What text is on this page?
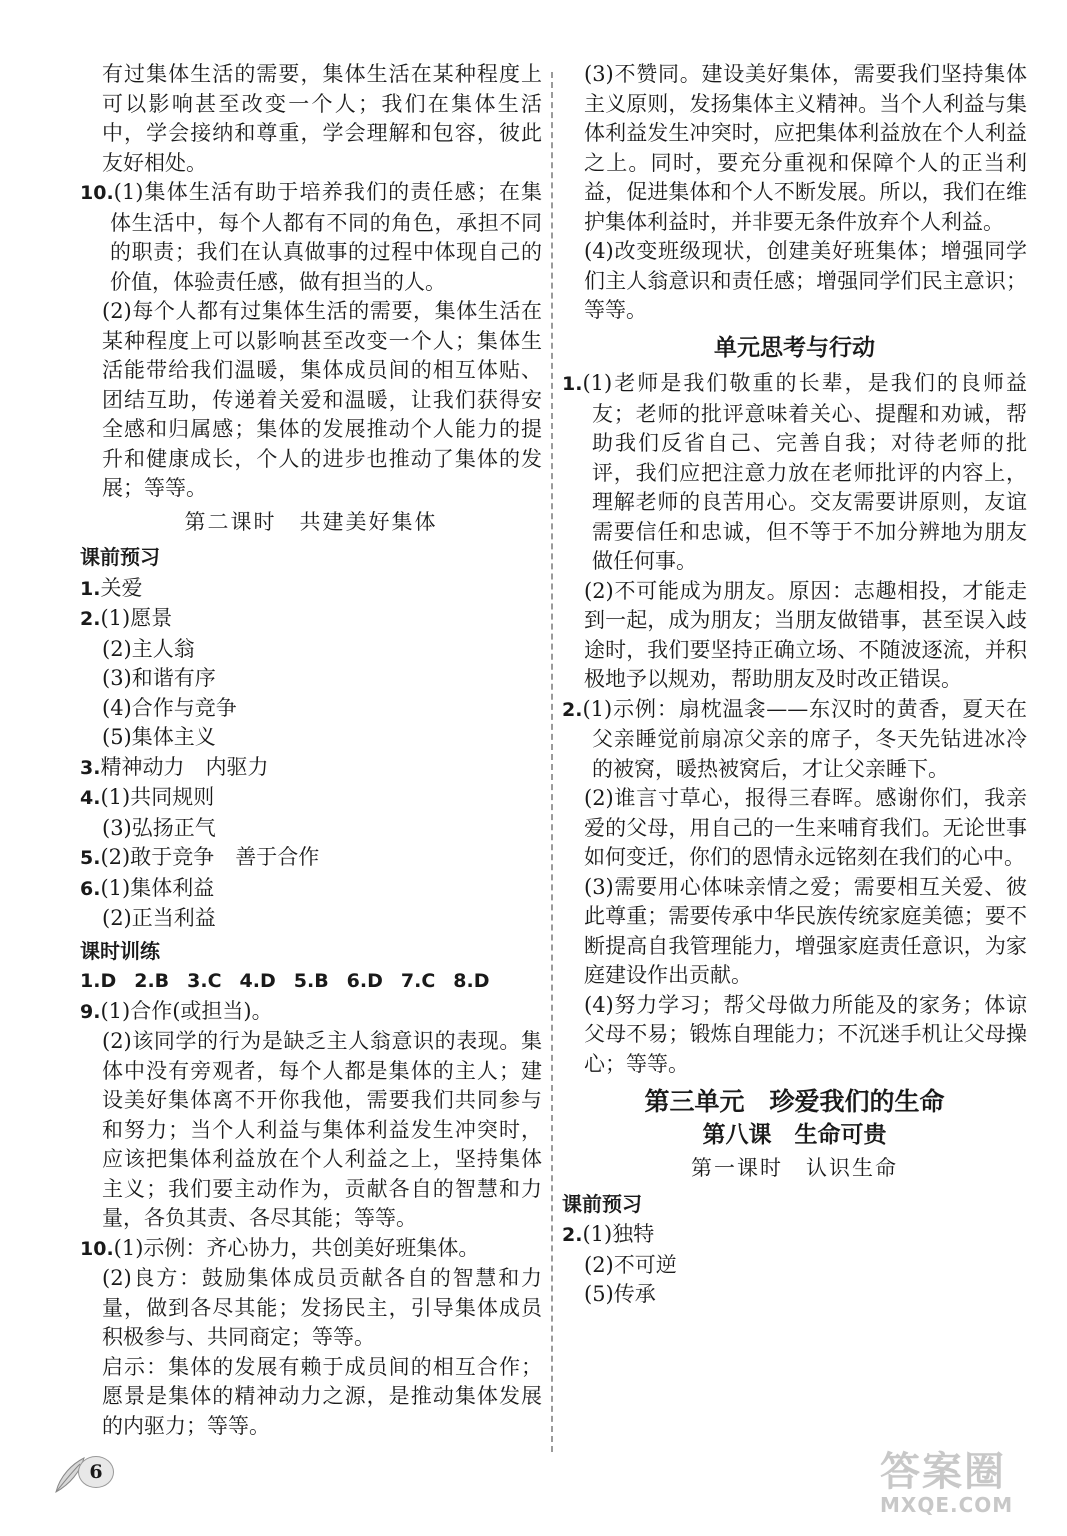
有过集体生活的需要，集体生活在某种程度上可以影响甚至改变一个人；我们在集体生活中，学会接纳和尊重，学会理解和包容，彼此友好相处。

10.(1)集体生活有助于培养我们的责任感；在集体生活中，每个人都有不同的角色，承担不同的职责；我们在认真做事的过程中体现自己的价值，体验责任感，做有担当的人。

(2)每个人都有过集体生活的需要，集体生活在某种程度上可以影响甚至改变一个人；集体生活能带给我们温暖，集体成员间的相互体贴、团结互助，传递着关爱和温暖，让我们获得安全感和归属感；集体的发展推动个人能力的提升和健康成长，个人的进步也推动了集体的发展；等等。

第二课时　共建美好集体
课前预习

1.关爱

2.(1)愿景

(2)主人翁

(3)和谐有序

(4)合作与竞争

(5)集体主义

3.精神动力　内驱力

4.(1)共同规则

(3)弘扬正气

5.(2)敢于竞争　善于合作

6.(1)集体利益

(2)正当利益

课时训练

1.D 2.B 3.C 4.D 5.B 6.D 7.C 8.D

9.(1)合作(或担当)。

(2)该同学的行为是缺乏主人翁意识的表现。集体中没有旁观者，每个人都是集体的主人；建设美好集体离不开你我他，需要我们共同参与和努力；当个人利益与集体利益发生冲突时，应该把集体利益放在个人利益之上，坚持集体主义；我们要主动作为，贡献各自的智慧和力量，各负其责、各尽其能；等等。

10.(1)示例：齐心协力，共创美好班集体。

(2)良方：鼓励集体成员贡献各自的智慧和力量，做到各尽其能；发扬民主，引导集体成员积极参与、共同商定；等等。

启示：集体的发展有赖于成员间的相互合作；愿景是集体的精神动力之源，是推动集体发展的内驱力；等等。

(3)不赞同。建设美好集体，需要我们坚持集体主义原则，发扬集体主义精神。当个人利益与集体利益发生冲突时，应把集体利益放在个人利益之上。同时，要充分重视和保障个人的正当利益，促进集体和个人不断发展。所以，我们在维护集体利益时，并非要无条件放弃个人利益。

(4)改变班级现状，创建美好班集体；增强同学们主人翁意识和责任感；增强同学们民主意识；等等。

单元思考与行动

1.(1)老师是我们敬重的长辈，是我们的良师益友；老师的批评意味着关心、提醒和劝诫，帮助我们反省自己、完善自我；对待老师的批评，我们应把注意力放在老师批评的内容上，理解老师的良苦用心。交友需要讲原则，友谊需要信任和忠诚，但不等于不加分辨地为朋友做任何事。

(2)不可能成为朋友。原因：志趣相投，才能走到一起，成为朋友；当朋友做错事，甚至误入歧途时，我们要坚持正确立场、不随波逐流，并积极地予以规劝，帮助朋友及时改正错误。

2.(1)示例：扇枕温衾——东汉时的黄香，夏天在父亲睡觉前扇凉父亲的席子，冬天先钻进冰冷的被窝，暖热被窝后，才让父亲睡下。

(2)谁言寸草心，报得三春晖。感谢你们，我亲爱的父母，用自己的一生来哺育我们。无论世事如何变迁，你们的恩情永远铭刻在我们的心中。

(3)需要用心体味亲情之爱；需要相互关爱、彼此尊重；需要传承中华民族传统家庭美德；要不断提高自我管理能力，增强家庭责任意识，为家庭建设作出贡献。

(4)努力学习；帮父母做力所能及的家务；体谅父母不易；锻炼自理能力；不沉迷手机让父母操心；等等。

第三单元　珍爱我们的生命
第八课　生命可贵
第一课时　认识生命
课前预习

2.(1)独特

(2)不可逆

(5)传承

6	答案圈
MXQE.COM
